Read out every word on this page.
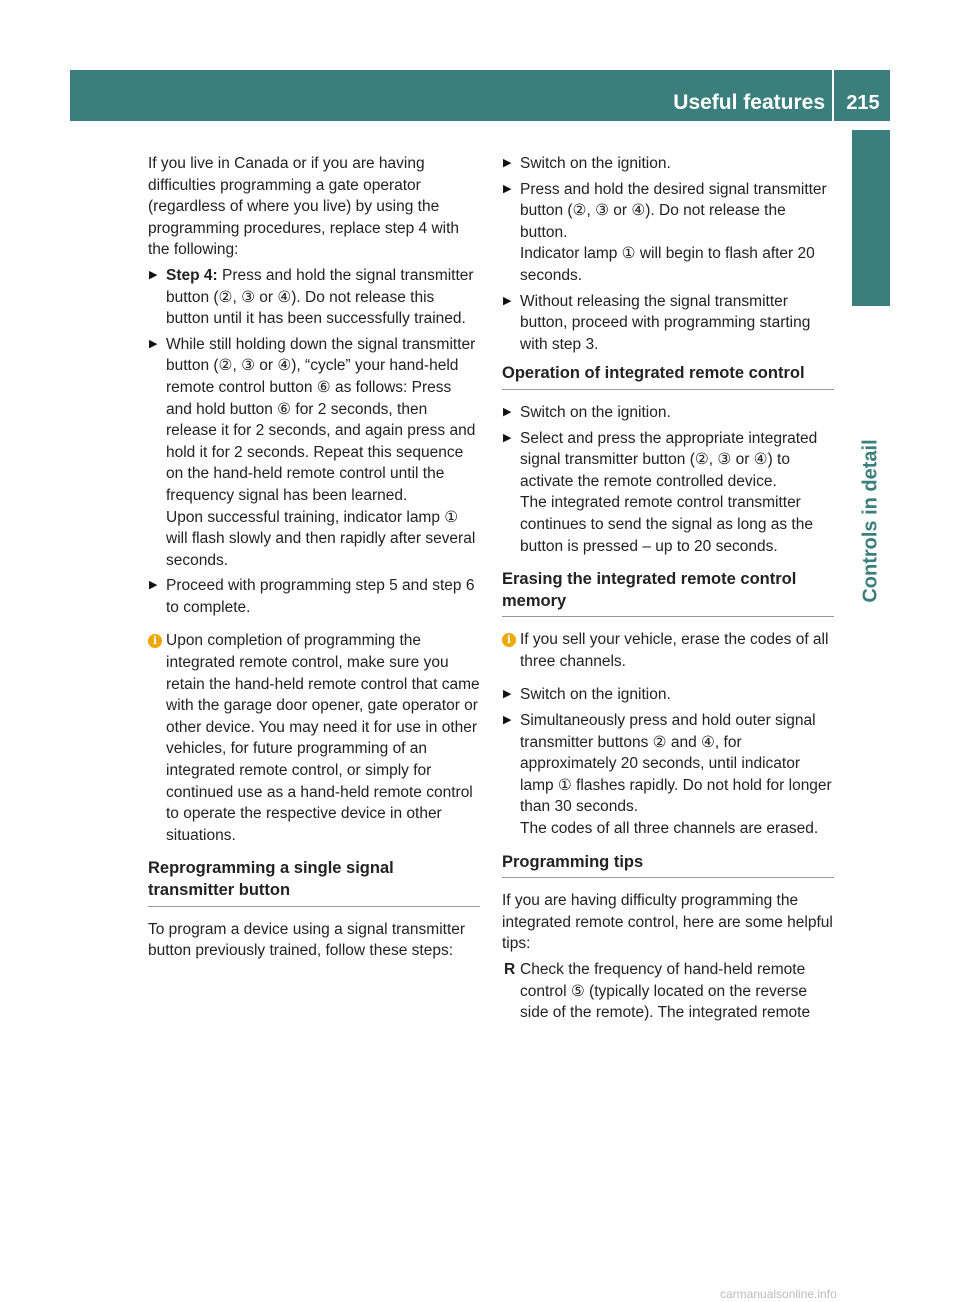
Useful features	215
Controls in detail

If you live in Canada or if you are having difficulties programming a gate operator (regardless of where you live) by using the programming procedures, replace step 4 with the following:

▶ Step 4: Press and hold the signal transmitter button (②, ③ or ④). Do not release this button until it has been successfully trained.
▶ While still holding down the signal transmitter button (②, ③ or ④), “cycle” your hand-held remote control button ⑥ as follows: Press and hold button ⑥ for 2 seconds, then release it for 2 seconds, and again press and hold it for 2 seconds. Repeat this sequence on the hand-held remote control until the frequency signal has been learned.

Upon successful training, indicator lamp ① will flash slowly and then rapidly after several seconds.

▶ Proceed with programming step 5 and step 6 to complete.

i Upon completion of programming the integrated remote control, make sure you retain the hand-held remote control that came with the garage door opener, gate operator or other device. You may need it for use in other vehicles, for future programming of an integrated remote control, or simply for continued use as a hand-held remote control to operate the respective device in other situations.

Reprogramming a single signal transmitter button

To program a device using a signal transmitter button previously trained, follow these steps:

▶ Switch on the ignition.

▶ Press and hold the desired signal transmitter button (②, ③ or ④). Do not release the button.

Indicator lamp ① will begin to flash after 20 seconds.

▶ Without releasing the signal transmitter button, proceed with programming starting with step 3.

Operation of integrated remote control
▶ Switch on the ignition.

▶ Select and press the appropriate integrated signal transmitter button (②, ③ or ④) to activate the remote controlled device.

The integrated remote control transmitter continues to send the signal as long as the button is pressed – up to 20 seconds.

Erasing the integrated remote control memory
i If you sell your vehicle, erase the codes of all three channels.

▶ Switch on the ignition.

▶ Simultaneously press and hold outer signal transmitter buttons ② and ④, for approximately 20 seconds, until indicator lamp ① flashes rapidly. Do not hold for longer than 30 seconds.

The codes of all three channels are erased.

Programming tips

If you are having difficulty programming the integrated remote control, here are some helpful tips:

R Check the frequency of hand-held remote control ⑤ (typically located on the reverse side of the remote). The integrated remote

carmanualsonline.info
